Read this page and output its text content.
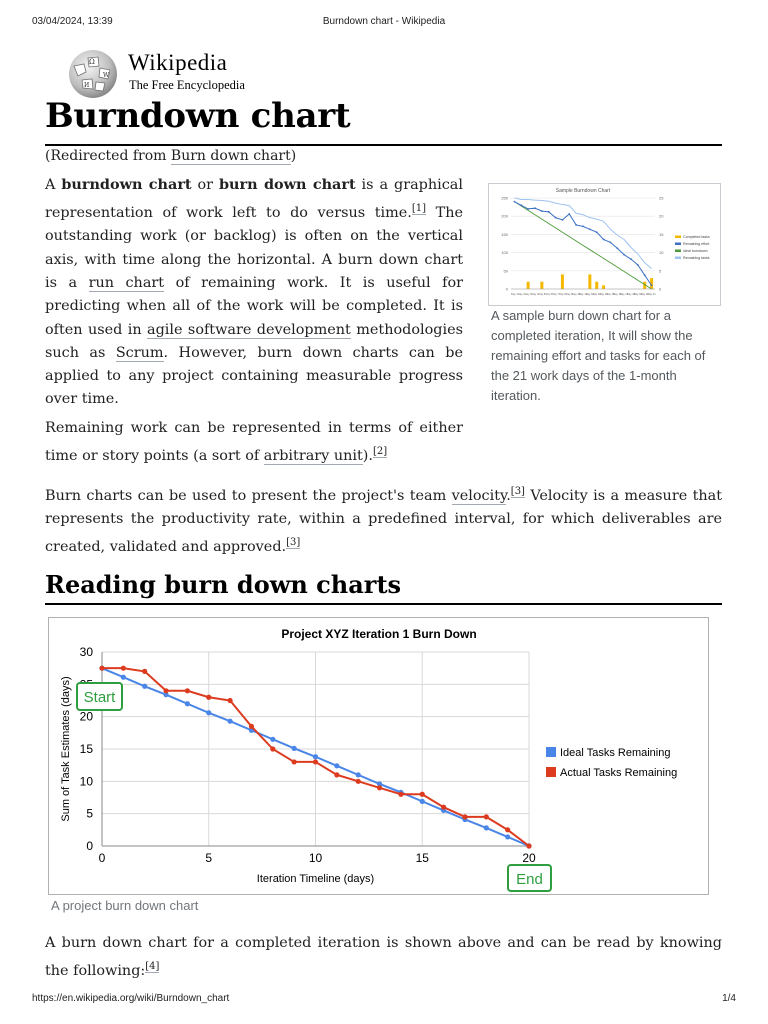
03/04/2024, 13:39	Burndown chart - Wikipedia
Ω
W
И
Wikipedia
The Free Encyclopedia
Burndown chart
(Redirected from Burn down chart)

A burndown chart or burn down chart is a graphical representation of work left to do versus time.[1] The outstanding work (or backlog) is often on the vertical axis, with time along the horizontal. A burn down chart is a run chart of remaining work. It is useful for predicting when all of the work will be completed. It is often used in agile software development methodologies such as Scrum. However, burn down charts can be applied to any project containing measurable progress over time.

Remaining work can be represented in terms of either time or story points (a sort of arbitrary unit).[2]

Burn charts can be used to present the project's team velocity.[3] Velocity is a measure that represents the productivity rate, within a predefined interval, for which deliverables are created, validated and approved.[3]

Sample Burndown Chart
0
50
100
150
200
250
0
5
10
15
20
25
Day 1 Day 2 Day 3 Day 4 Day 5 Day 6 Day 7 Day 8 Day 9 Day 10
Day 11
Day 12
Day 13
Day 14
Day 15
Day 16
Day 17
Day 18
Day 19
Day 20
Day 21
Completed tasks
Remaining effort
Ideal burndown
Remaining tasks
A sample burn down chart for a completed iteration, It will show the remaining effort and tasks for each of the 21 work days of the 1-month iteration.
Reading burn down charts
Project XYZ Iteration 1 Burn Down
0
5
10
15
20
30
0	5	10	15	20
Iteration Timeline (days)
Sum of Task Estimates (days) Start
End
Ideal Tasks Remaining
Actual Tasks Remaining
A project burn down chart

A burn down chart for a completed iteration is shown above and can be read by knowing the following:[4]

https://en.wikipedia.org/wiki/Burndown_chart	1/4
